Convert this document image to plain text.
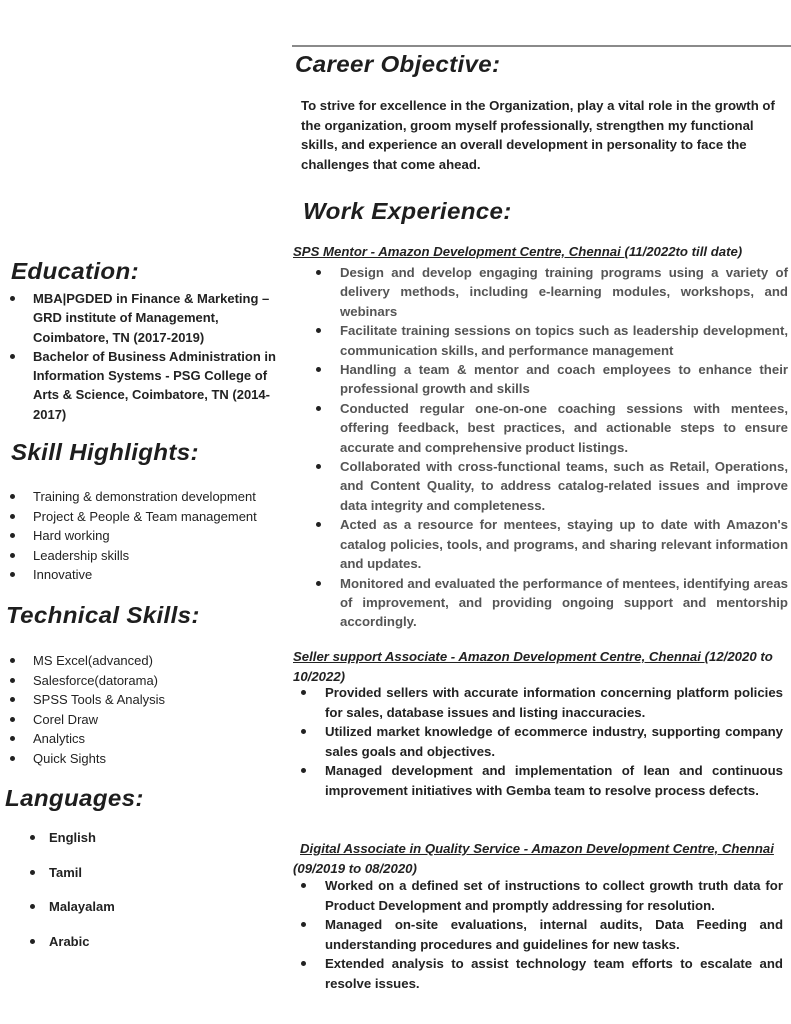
Career Objective:
To strive for excellence in the Organization, play a vital role in the growth of the organization, groom myself professionally, strengthen my functional skills, and experience an overall development in personality to face the challenges that come ahead.
Work Experience:
SPS Mentor - Amazon Development Centre, Chennai (11/2022to till date)
Design and develop engaging training programs using a variety of delivery methods, including e-learning modules, workshops, and webinars
Facilitate training sessions on topics such as leadership development, communication skills, and performance management
Handling a team & mentor and coach employees to enhance their professional growth and skills
Conducted regular one-on-one coaching sessions with mentees, offering feedback, best practices, and actionable steps to ensure accurate and comprehensive product listings.
Collaborated with cross-functional teams, such as Retail, Operations, and Content Quality, to address catalog-related issues and improve data integrity and completeness.
Acted as a resource for mentees, staying up to date with Amazon's catalog policies, tools, and programs, and sharing relevant information and updates.
Monitored and evaluated the performance of mentees, identifying areas of improvement, and providing ongoing support and mentorship accordingly.
Seller support Associate - Amazon Development Centre, Chennai (12/2020 to 10/2022)
Provided sellers with accurate information concerning platform policies for sales, database issues and listing inaccuracies.
Utilized market knowledge of ecommerce industry, supporting company sales goals and objectives.
Managed development and implementation of lean and continuous improvement initiatives with Gemba team to resolve process defects.
Digital Associate in Quality Service - Amazon Development Centre, Chennai
(09/2019 to 08/2020)
Worked on a defined set of instructions to collect growth truth data for Product Development and promptly addressing for resolution.
Managed on-site evaluations, internal audits, Data Feeding and understanding procedures and guidelines for new tasks.
Extended analysis to assist technology team efforts to escalate and resolve issues.
Education:
MBA|PGDED in Finance & Marketing – GRD institute of Management, Coimbatore, TN (2017-2019)
Bachelor of Business Administration in Information Systems - PSG College of Arts & Science, Coimbatore, TN (2014-2017)
Skill Highlights:
Training & demonstration development
Project & People & Team management
Hard working
Leadership skills
Innovative
Technical Skills:
MS Excel(advanced)
Salesforce(datorama)
SPSS Tools & Analysis
Corel Draw
Analytics
Quick Sights
Languages:
English
Tamil
Malayalam
Arabic
